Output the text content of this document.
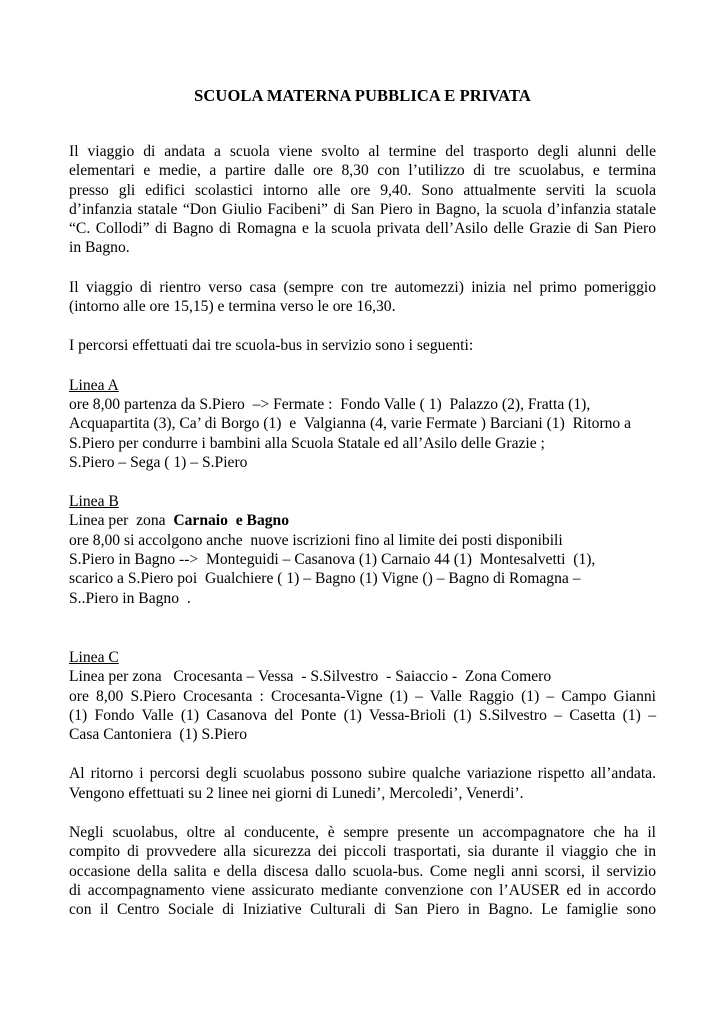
SCUOLA MATERNA PUBBLICA E PRIVATA
Il viaggio di andata a scuola viene svolto al termine del trasporto degli alunni delle
elementari e medie, a partire dalle ore 8,30 con l’utilizzo di tre scuolabus, e termina
presso gli edifici scolastici intorno alle ore 9,40. Sono attualmente serviti la scuola
d’infanzia statale “Don Giulio Facibeni” di San Piero in Bagno, la scuola d’infanzia statale
“C. Collodi” di Bagno di Romagna e la scuola privata dell’Asilo delle Grazie di San Piero
in Bagno.
Il viaggio di rientro verso casa (sempre con tre automezzi) inizia nel primo pomeriggio
(intorno alle ore 15,15) e termina verso le ore 16,30.
I percorsi effettuati dai tre scuola-bus in servizio sono i seguenti:
Linea A
ore 8,00 partenza da S.Piero  –> Fermate :  Fondo Valle ( 1)  Palazzo (2), Fratta (1),
Acquapartita (3), Ca’ di Borgo (1)  e  Valgianna (4, varie Fermate ) Barciani (1)  Ritorno a
S.Piero per condurre i bambini alla Scuola Statale ed all’Asilo delle Grazie ;
S.Piero – Sega ( 1) – S.Piero
Linea B
Linea per  zona  Carnaio  e Bagno
ore 8,00 si accolgono anche  nuove iscrizioni fino al limite dei posti disponibili
S.Piero in Bagno -->  Monteguidi – Casanova (1) Carnaio 44 (1)  Montesalvetti  (1),
scarico a S.Piero poi  Gualchiere ( 1) – Bagno (1) Vigne () – Bagno di Romagna –
S..Piero in Bagno  .
Linea C
Linea per zona   Crocesanta – Vessa  - S.Silvestro  - Saiaccio -  Zona Comero
ore 8,00 S.Piero Crocesanta : Crocesanta-Vigne (1) – Valle Raggio (1) – Campo Gianni
(1) Fondo Valle (1) Casanova del Ponte (1) Vessa-Brioli (1) S.Silvestro – Casetta (1) –
Casa Cantoniera  (1) S.Piero
Al ritorno i percorsi degli scuolabus possono subire qualche variazione rispetto all’andata.
Vengono effettuati su 2 linee nei giorni di Lunedi’, Mercoledi’, Venerdi’.
Negli scuolabus, oltre al conducente, è sempre presente un accompagnatore che ha il
compito di provvedere alla sicurezza dei piccoli trasportati, sia durante il viaggio che in
occasione della salita e della discesa dallo scuola-bus. Come negli anni scorsi, il servizio
di accompagnamento viene assicurato mediante convenzione con l’AUSER ed in accordo
con il Centro Sociale di Iniziative Culturali di San Piero in Bagno. Le famiglie sono
